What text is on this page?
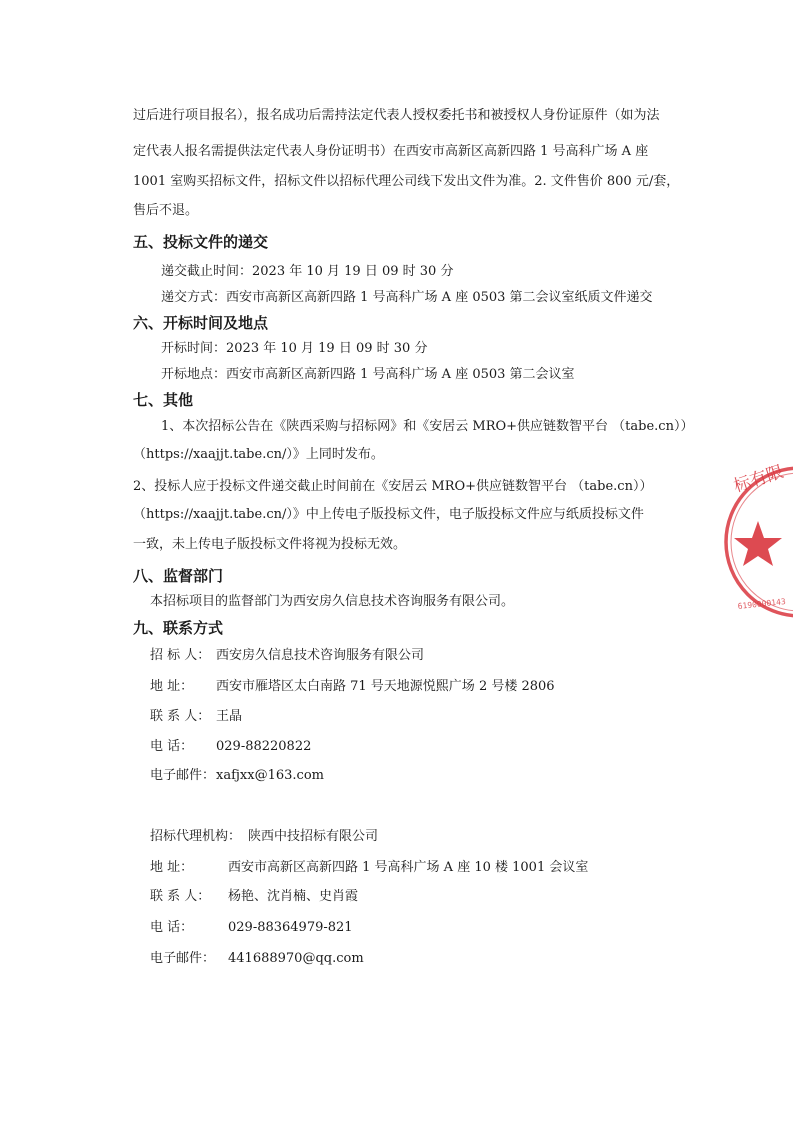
过后进行项目报名），报名成功后需持法定代表人授权委托书和被授权人身份证原件（如为法
定代表人报名需提供法定代表人身份证明书）在西安市高新区高新四路 1 号高科广场 A 座
1001 室购买招标文件，招标文件以招标代理公司线下发出文件为准。2. 文件售价 800 元/套，
售后不退。
五、投标文件的递交
递交截止时间：2023 年 10 月 19 日 09 时 30 分
递交方式：西安市高新区高新四路 1 号高科广场 A 座 0503 第二会议室纸质文件递交
六、开标时间及地点
开标时间：2023 年 10 月 19 日 09 时 30 分
开标地点：西安市高新区高新四路 1 号高科广场 A 座 0503 第二会议室
七、其他
1、本次招标公告在《陕西采购与招标网》和《安居云 MRO+供应链数智平台 （tabe.cn））
（https://xaajjt.tabe.cn/）》上同时发布。
2、投标人应于投标文件递交截止时间前在《安居云 MRO+供应链数智平台 （tabe.cn））
（https://xaajjt.tabe.cn/）》中上传电子版投标文件，电子版投标文件应与纸质投标文件
一致，未上传电子版投标文件将视为投标无效。
八、监督部门
本招标项目的监督部门为西安房久信息技术咨询服务有限公司。
九、联系方式
招 标 人： 西安房久信息技术咨询服务有限公司
地 址：	西安市雁塔区太白南路 71 号天地源悦熙广场 2 号楼 2806
联 系 人： 王晶
电 话：	029-88220822
电子邮件： xafjxx@163.com
招标代理机构： 陕西中技招标有限公司
地 址：	西安市高新区高新四路 1 号高科广场 A 座 10 楼 1001 会议室
联 系 人：	杨艳、沈肖楠、史肖霞
电 话：	029-88364979-821
电子邮件： 441688970@qq.com
标有限
6190000143
